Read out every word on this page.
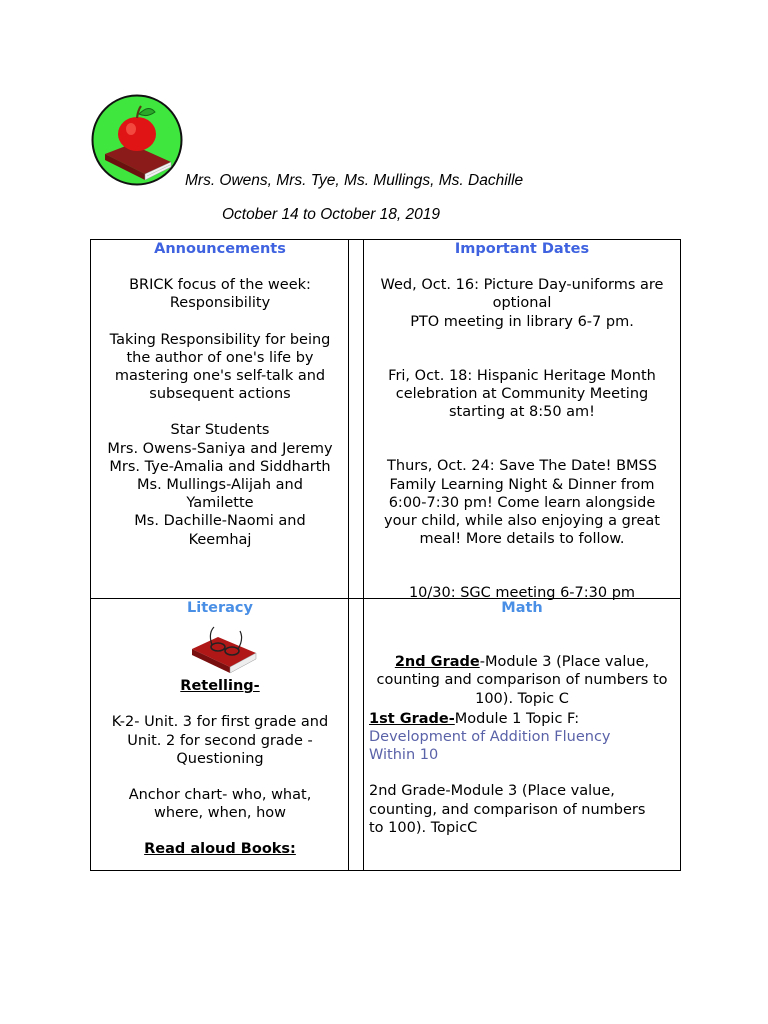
Mrs. Owens, Mrs. Tye, Ms. Mullings, Ms. Dachille
October 14 to October 18, 2019

Announcements

BRICK focus of the week:

Responsibility

Taking Responsibility for being

the author of one's life by

mastering one's self-talk and

subsequent actions

Star Students

Mrs. Owens-Saniya and Jeremy

Mrs. Tye-Amalia and Siddharth

Ms. Mullings-Alijah and

Yamilette

Ms. Dachille-Naomi and

Keemhaj

Important Dates

Wed, Oct. 16: Picture Day-uniforms are

optional

PTO meeting in library 6-7 pm.

Fri, Oct. 18: Hispanic Heritage Month

celebration at Community Meeting

starting at 8:50 am!

Thurs, Oct. 24: Save The Date! BMSS

Family Learning Night & Dinner from

6:00-7:30 pm! Come learn alongside

your child, while also enjoying a great

meal! More details to follow.

10/30: SGC meeting 6-7:30 pm

Literacy

Retelling-

K-2- Unit. 3 for first grade and

Unit. 2 for second grade -

Questioning

Anchor chart- who, what,

where, when, how

Read aloud Books:

Math

2nd Grade-Module 3 (Place value,

counting and comparison of numbers to

100). Topic C

1st Grade-Module 1 Topic F:

Development of Addition Fluency

Within 10

2nd Grade-Module 3 (Place value,

counting, and comparison of numbers

to 100). TopicC
